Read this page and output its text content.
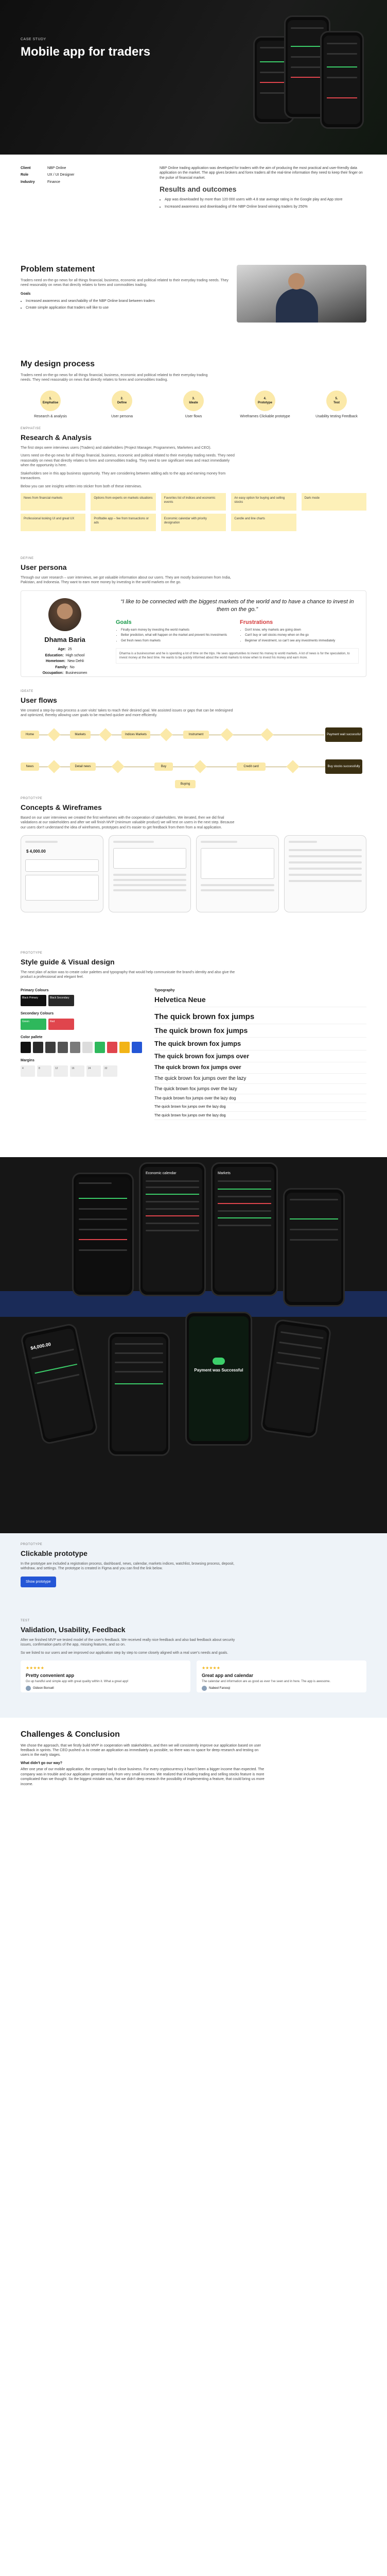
CASE STUDY
Mobile app for traders
Client	NBP Online
Role	UX / UI Designer
Industry	Finance

NBP Online trading application was developed for traders with the aim of producing the most practical and user-friendly data application on the market. The app gives brokers and forex traders all the real-time information they need to keep their finger on the pulse of financial market.

Results and outcomes
• App was downloaded by more than 120 000 users with 4.8 star average rating in the Google play and App store
• Increased awareness and downloading of the NBP Online brand winning traders by 250%
Problem statement

Traders need on-the-go news for all things financial, business, economic and political related to their everyday trading needs. They need reasonably on news that directly relates to forex and commodities trading.

Goals

• Increased awareness and searchability of the NBP Online brand between traders
• Create simple application that traders will like to use
My design process

Traders need on-the-go news for all things financial, business, economic and political related to their everyday trading needs. They need reasonably on news that directly relates to forex and commodities trading.

1.
Emphatise
Research & analysis
2.
Define
User persona
3.
Ideate
User flows
4.
Prototype
Wireframes Clickable prototype
5.
Test
Usability testing Feedback
EMPHATISE
Research & Analysis

The first steps were interviews users (Traders) and stakeholders (Project Manager, Programmers, Marketers and CEO).

Users need on-the-go news for all things financial, business, economic and political related to their everyday trading needs. They need reasonably on news that directly relates to forex and commodities trading. They need to see significant news and react immediately when the opportunity is here.

Stakeholders see in this app business opportunity. They are considering between adding ads to the app and earning money from transactions.

Below you can see insights written into sticker from both of these interviews.

News from financial markets	Options from experts on markets situations	Favorites list of indices and economic events
An easy option for buying and selling stocks
Dark mode
Professional looking UI and great UX	Profitable app – fee from transactions or ads
Economic calendar with priority designation
Candle and line charts
DEFINE
User persona

Through our user research – user interviews, we got valuable information about our users. They are mostly businessmen from India, Pakistan, and Indonesia. They want to earn more money by investing in the world markets on the go.

Dhama Baria
Age: 25
Education: High school
Hometown: New Dehli
Family: No
Occupation: Businessmen
“I like to be connected with the biggest markets of the world and to have a chance to invest in them on the go.”
Goals
• Finally earn money by investing the world markets
• Better prediction, what will happen on the market and prevent his investments
• Get fresh news from markets
Frustrations
• Don't know, why markets are going down
• Can't buy or sell stocks money when on the go
• Beginner of investment, so can't see any investments immediately
Dharma is a businessmen and he is spending a lot of time on the trips. He sees opportunities to invest his money to world markets. A lot of news is for the speculation, to invest money at the best time. He wants to be quickly informed about the world markets to know when to invest his money and earn more.
IDEATE
User flows

We created a step-by-step process a user visits' takes to reach their desired goal. We assisted issues or gaps that can be redesigned and optimized, thereby allowing user goals to be reached quicker and more efficiently.

Home	Markets	Indices Markets	Instrument	Payment wait successful
News	Detail news	Buy	Credit card	Buy stocks successfully
Buying
PROTOTYPE
Concepts & Wireframes

Based on our user interviews we created the first wireframes with the cooperation of stakeholders. We iterated, then we did final validations at our stakeholders and after we will finish MVP (minimum valuable product) we will test on users in the next step. Because our users don't understand the idea of wireframes, prototypes and it's easier to get feedback from them from a real application.

$ 4,000.00
PROTOTYPE
Style guide & Visual design

The next plan of action was to create color palettes and typography that would help communicate the brand's identity and also give the product a professional and elegant feel.

Primary Colours
Black Primary	Black Secondary
Secondary Colours
Green	Red
Color pallete
Margins
4	8	12	16	24	32
Typography
Helvetica Neue
The quick brown fox jumps
The quick brown fox jumps
The quick brown fox jumps
The quick brown fox jumps over
The quick brown fox jumps over
The quick brown fox jumps over the lazy
The quick brown fox jumps over the lazy
The quick brown fox jumps over the lazy dog
The quick brown fox jumps over the lazy dog
The quick brown fox jumps over the lazy dog
Economic calendar	Markets
$4,000.00
Payment was Successful
PROTOTYPE
Clickable prototype

In the prototype are included a registration process, dashboard, news, calendar, markets indices, watchlist, browsing process, deposit, withdraw, and settings. The prototype is created in Figma and you can find the link below.

Show prototype
TEST
Validation, Usability, Feedback

After we finished MVP we tested model of the user's feedback. We received really nice feedback and also bad feedback about security issues, confirmation parts of the app, missing features, and so on.

So we listed to our users and we improved our application step by step to come closely aligned with a real user's needs and goals.

★★★★★
Pretty convenient app
Go up handful and simple app with great quality within it. What a great app!
Gideon Bonsell
★★★★★
Great app and calendar
The calendar and information are as good as ever I've seen and in here. The app is awesome.
Nabeel Farooqi
Challenges & Conclusion

We chose the approach, that we firstly build MVP in cooperation with stakeholders, and then we will consistently improve our application based on user feedback in sprints. The CEO pushed us to create an application as immediately as possible, so there was no space for deep research and testing on users in the early stages.

What didn't go our way?

After one year of our mobile application, the company had to close business. For every cryptocurrency it hasn't been a bigger income than expected. The company was in trouble and our application generated only from very small incomes. We realized that including trading and selling stocks feature is more complicated than we thought. So the biggest mistake was, that we didn't deep research the possibility of implementing a feature, that could bring us more income.
